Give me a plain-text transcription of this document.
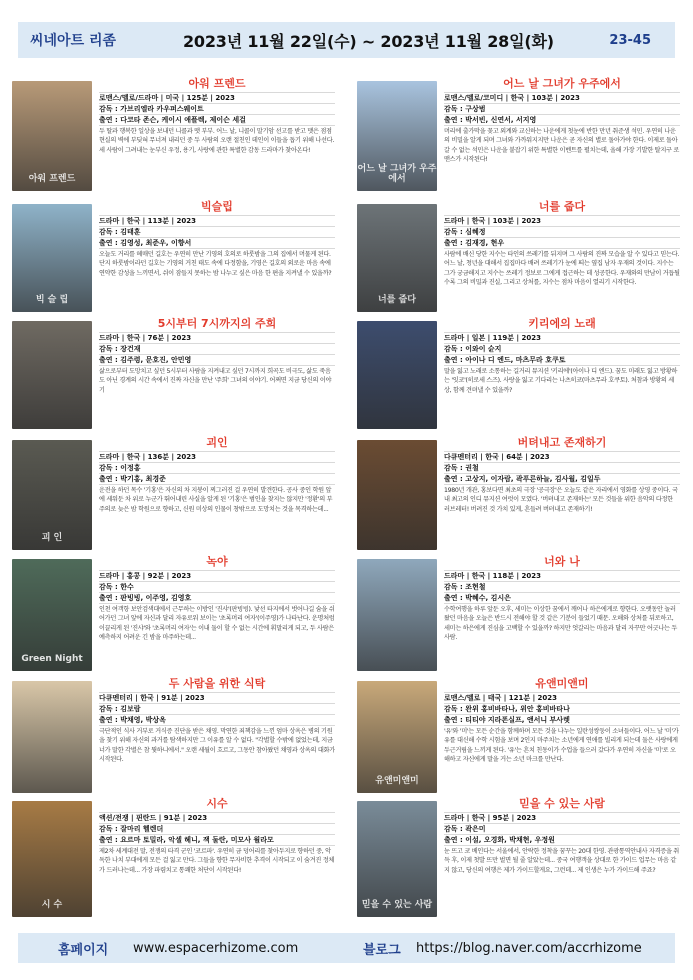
씨네아트 리좀	2023년 11월 22일(수) ~ 2023년 11월 28일(화)	23-45
아워 프렌드
아워 프렌드
로맨스/멜로/드라마 | 미국 | 125분 | 2023
감독 : 가브리엘라 카우퍼스웨이트
출연 : 다코타 존슨, 케이시 애플렉, 제이슨 세걸
두 딸과 행복한 일상을 보내던 니콜과 맷 부부. 어느 날, 니콜이 말기암 선고를 받고 맷은 점점 현실의 벽에 부딪혀 무너져 내리던 중 두 사람의 오랜 절친인 데인이 이들을 돕기 위해 나선다. 세 사람이 그려내는 눈부신 우정, 용기, 사랑에 관한 특별한 감동 드라마가 찾아온다!
빅 슬 립
빅슬립
드라마 | 한국 | 113분 | 2023
감독 : 김태훈
출연 : 김영성, 최준우, 이향서
오늘도 거리를 헤매던 길호는 우연히 만난 기영의 호의로 하룻밤을 그의 집에서 머물게 된다. 단지 하룻밤이라던 길호는 기영의 거친 태도 속에 다정함을, 기영은 길호의 외로운 마음 속에 연약한 감성을 느끼면서, 쉬이 잠들지 못하는 밤 나누고 싶은 마음 한 편을 지켜낼 수 있을까?
5시부터 7시까지의 주희
드라마 | 한국 | 76분 | 2023
감독 : 장건재
출연 : 김주령, 문호진, 안민영
삶으로부터 도망치고 싶던 5시부터 사람을 지켜내고 싶던 7시까지 희곡도 비극도, 삶도 죽음도 아닌 경계의 시간 속에서 진짜 자신을 만난 '주희' 그녀의 이야기. 어쩌면 지금 당신의 이야기
괴 인
괴인
드라마 | 한국 | 136분 | 2023
감독 : 이정홍
출연 : 박기홍, 최경준
운전을 하던 목수 '기홍'은 자신의 차 지붕이 찌그러진 걸 우연히 발견한다. 공사 중인 학원 앞에 세워둔 차 위로 누군가 뛰어내린 사실을 알게 된 '기홍'은 범인을 찾지는 않지만 '정환'의 부주의로 늦은 밤 학원으로 향하고, 신원 미상의 인물이 창밖으로 도망치는 것을 목격하는데...
Green Night
녹야
드라마 | 홍콩 | 92분 | 2023
감독 : 한수
출연 : 판빙빙, 이주영, 김영호
인천 여객항 보안검색대에서 근무하는 이방인 '진샤'(판빙빙). 낯선 타지에서 벗어나길 숨을 쉬어가던 그녀 앞에 자신과 달리 자유로워 보이는 '초록머리 여자'(이주영)가 나타난다. 운명처럼 이끌리게 된 '진샤'와 '초록머리 여자'는 이내 둘이 할 수 없는 시간에 휘말리게 되고, 두 사람은 예측하지 어려운 긴 밤을 마주하는데...
두 사람을 위한 식탁
다큐멘터리 | 한국 | 91분 | 2023
감독 : 김보람
출연 : 박채영, 박상옥
극단적인 식사 거부로 거식증 진단을 받은 채영. 막연한 죄책감을 느낀 엄마 상옥은 병의 기원을 찾기 위해 자신의 과거를 탐색하지만 그 이유를 알 수 없다. "각별할 수밖에 없었는데, 지금 너가 말한 각별은 참 뭣하니에서." 오랜 세월이 흐르고, 그동안 참아왔던 채영과 상옥의 대화가 시작된다.
시 수
시수
액션/전쟁 | 핀란드 | 91분 | 2023
감독 : 잘마리 헬렌더
출연 : 요르마 토밀라, 악셀 헤니, 잭 둘란, 미모사 윌라모
제2차 세계대전 말, 전쟁의 타격 군인 '코르파'. 우연히 금 덩어리를 찾아두지로 향하던 중, 악독한 나치 부대에게 모든 걸 잃고 만다. 그들을 향한 무자비한 추격이 시작되고 이 숨겨진 정체가 드러나는데... 가장 파렴치고 통쾌한 처단이 시작된다!
어느 날 그녀가 우주에서
어느 날 그녀가 우주에서
로맨스/멜로/코미디 | 한국 | 103분 | 2023
감독 : 구상범
출연 : 박서빈, 신연서, 서지영
머리에 출가막을 꽂고 외계와 교신하는 나운에게 첫눈에 반한 만년 취준생 석민. 우연히 나운의 비밀을 알게 되며 그녀와 가까워지지만 나운은 곧 자신의 별로 돌아가야 한다. 이제로 돌아갈 수 없는 석민은 나운을 붙잡기 위한 특별한 이벤트를 펼치는데, 올해 가장 기발한 탈지구 로맨스가 시작된다!
너를 줍다
너를 줍다
드라마 | 한국 | 103분 | 2023
감독 : 심혜정
출연 : 김재경, 현우
사람에 배신 당한 지수는 타인의 쓰레기를 뒤지며 그 사람의 진짜 모습을 알 수 있다고 믿는다. 어느 날, 청년을 대해서 집집마다 배려 쓰레기가 눈에 띄는 옆집 남자 우재의 것이다. 지수는 그가 궁금해지고 지수는 쓰레기 정보로 그에게 접근하는 데 성공한다. 우재와의 만남이 거듭될수록 그의 비밀과 진실, 그리고 상처를, 지수는 점차 마음이 열리기 시작한다.
키리에의 노래
드라마 | 일본 | 119분 | 2023
감독 : 이와이 슌지
출연 : 아이나 디 엔드, 마츠무라 호쿠토
말을 잃고 노래로 소통하는 길거리 뮤지션 '키리에'(아이나 디 엔드). 꿈도 미래도 잃고 방황하는 '잇코'(히로세 스즈). 사랑을 잃고 기다리는 나츠히코(마츠무라 호쿠토). 처참과 방황의 세상, 함께 견뎌낼 수 있을까?
버텨내고 존재하기
다큐멘터리 | 한국 | 64분 | 2023
감독 : 권철
출연 : 고상지, 이자람, 곽푸른하늘, 김사월, 김일두
1980년 개관, 홍보다면 최초의 극장 '공극장'은 오늘도 같은 자리에서 영화를 상영 중이다. 국내 최고의 인디 뮤지션 여럿이 모였다. '버텨내고 존재하는' 모든 것들을 위한 음악의 다정한 러브레터! 버려진 것 가치 있게, 흔들려 버텨내고 존재하기!
너와 나
드라마 | 한국 | 118분 | 2023
감독 : 조현철
출연 : 박혜수, 김시은
수학여행을 하루 앞둔 오후, 세미는 이상한 꿈에서 깨어나 하은에게로 향한다. 오랫동안 놀러왔던 마음을 오늘은 반드시 전해야 할 것 같은 기분이 들었기 때문. 오해와 상처를 뒤로하고, 세미는 하은에게 진심을 고백할 수 있을까? 하지만 엇갈리는 마음과 달리 자꾸만 어긋나는 두 사람.
유앤미앤미
유앤미앤미
로맨스/멜로 | 태국 | 121분 | 2023
감독 : 완위 홍비바타나, 위안 홍비바타나
출연 : 티티야 지라폰실프, 앤서니 부사렛
'유'와 '미'는 모든 순간을 함께하며 모든 것을 나누는 일란성쌍둥이 소녀들이다. 어느 날 '미'가 유를 대신해 수학 시험을 보며 2인지 마주치는 소년에게 연애를 빌리게 되는데 둘은 사랑에게 두근거림을 느끼게 된다. '유'는 흔치 친동이가 수업을 들으러 갔다가 우연히 자신을 '미'로 오해하고 자신에게 말을 거는 소년 마크를 만난다.
믿을 수 있는 사람
믿을 수 있는 사람
드라마 | 한국 | 95분 | 2023
감독 : 곽은미
출연 : 이설, 오경화, 박채현, 우정원
눈 뜨고 코 베인다는 서울에서, 안락한 정착을 꿈꾸는 20대 한영. 관광통역안내사 자격증을 취득 후, 이제 첫발 뜨만 벌면 될 줄 알았는데... 중국 여행객을 상대로 한 가이드 업무는 마음 같지 않고, 당신의 여행은 제가 가이드할게요, 그런데... 제 인생은 누가 가이드해 주죠?
홈페이지 www.espacerhizome.com	블로그 https://blog.naver.com/accrhizome
